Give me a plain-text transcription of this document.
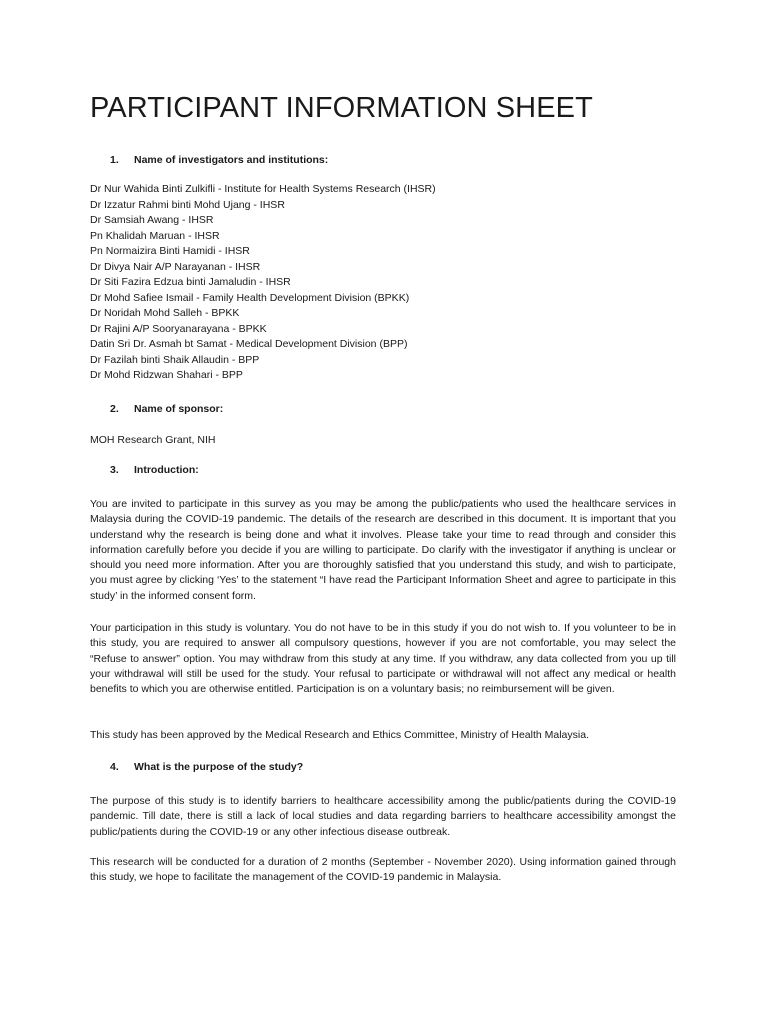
PARTICIPANT INFORMATION SHEET

1. Name of investigators and institutions:

Dr Nur Wahida Binti Zulkifli - Institute for Health Systems Research (IHSR)
Dr Izzatur Rahmi binti Mohd Ujang - IHSR
Dr Samsiah Awang - IHSR
Pn Khalidah Maruan - IHSR
Pn Normaizira Binti Hamidi - IHSR
Dr Divya Nair A/P Narayanan - IHSR
Dr Siti Fazira Edzua binti Jamaludin - IHSR
Dr Mohd Safiee Ismail - Family Health Development Division (BPKK)
Dr Noridah Mohd Salleh - BPKK
Dr Rajini A/P Sooryanarayana - BPKK
Datin Sri Dr. Asmah bt Samat - Medical Development Division (BPP)
Dr Fazilah binti Shaik Allaudin - BPP
Dr Mohd Ridzwan Shahari - BPP

2. Name of sponsor:

MOH Research Grant, NIH

3. Introduction:

You are invited to participate in this survey as you may be among the public/patients who used the healthcare services in Malaysia during the COVID-19 pandemic. The details of the research are described in this document. It is important that you understand why the research is being done and what it involves. Please take your time to read through and consider this information carefully before you decide if you are willing to participate. Do clarify with the investigator if anything is unclear or should you need more information. After you are thoroughly satisfied that you understand this study, and wish to participate, you must agree by clicking ‘Yes’ to the statement “I have read the Participant Information Sheet and agree to participate in this study’ in the informed consent form.

Your participation in this study is voluntary. You do not have to be in this study if you do not wish to. If you volunteer to be in this study, you are required to answer all compulsory questions, however if you are not comfortable, you may select the “Refuse to answer” option. You may withdraw from this study at any time. If you withdraw, any data collected from you up till your withdrawal will still be used for the study. Your refusal to participate or withdrawal will not affect any medical or health benefits to which you are otherwise entitled. Participation is on a voluntary basis; no reimbursement will be given.

This study has been approved by the Medical Research and Ethics Committee, Ministry of Health Malaysia.

4. What is the purpose of the study?

The purpose of this study is to identify barriers to healthcare accessibility among the public/patients during the COVID-19 pandemic. Till date, there is still a lack of local studies and data regarding barriers to healthcare accessibility amongst the public/patients during the COVID-19 or any other infectious disease outbreak.

This research will be conducted for a duration of 2 months (September - November 2020). Using information gained through this study, we hope to facilitate the management of the COVID-19 pandemic in Malaysia.
